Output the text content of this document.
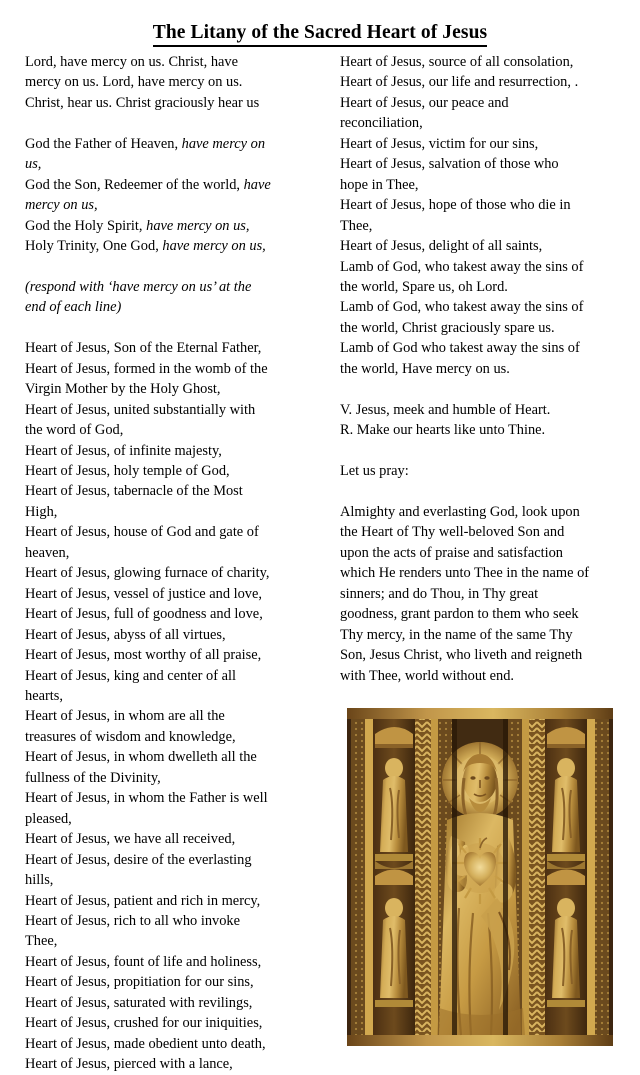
The Litany of the Sacred Heart of Jesus

Lord, have mercy on us. Christ, have

mercy on us. Lord, have mercy on us.

Christ, hear us. Christ graciously hear us

God the Father of Heaven, have mercy on

us,

God the Son, Redeemer of the world, have

mercy on us,

God the Holy Spirit, have mercy on us,

Holy Trinity, One God, have mercy on us,

(respond with ‘have mercy on us’ at the

end of each line)

Heart of Jesus, Son of the Eternal Father,

Heart of Jesus, formed in the womb of the

Virgin Mother by the Holy Ghost,

Heart of Jesus, united substantially with

the word of God,

Heart of Jesus, of infinite majesty,

Heart of Jesus, holy temple of God,

Heart of Jesus, tabernacle of the Most

High,

Heart of Jesus, house of God and gate of

heaven,

Heart of Jesus, glowing furnace of charity,

Heart of Jesus, vessel of justice and love,

Heart of Jesus, full of goodness and love,

Heart of Jesus, abyss of all virtues,

Heart of Jesus, most worthy of all praise,

Heart of Jesus, king and center of all

hearts,

Heart of Jesus, in whom are all the

treasures of wisdom and knowledge,

Heart of Jesus, in whom dwelleth all the

fullness of the Divinity,

Heart of Jesus, in whom the Father is well

pleased,

Heart of Jesus, we have all received,

Heart of Jesus, desire of the everlasting

hills,

Heart of Jesus, patient and rich in mercy,

Heart of Jesus, rich to all who invoke

Thee,

Heart of Jesus, fount of life and holiness,

Heart of Jesus, propitiation for our sins,

Heart of Jesus, saturated with revilings,

Heart of Jesus, crushed for our iniquities,

Heart of Jesus, made obedient unto death,

Heart of Jesus, pierced with a lance,

Heart of Jesus, source of all consolation,

Heart of Jesus, our life and resurrection, .

Heart of Jesus, our peace and

reconciliation,

Heart of Jesus, victim for our sins,

Heart of Jesus, salvation of those who

hope in Thee,

Heart of Jesus, hope of those who die in

Thee,

Heart of Jesus, delight of all saints,

Lamb of God, who takest away the sins of

the world, Spare us, oh Lord.

Lamb of God, who takest away the sins of

the world, Christ graciously spare us.

Lamb of God who takest away the sins of

the world, Have mercy on us.

V. Jesus, meek and humble of Heart.

R. Make our hearts like unto Thine.

Let us pray:

Almighty and everlasting God, look upon

the Heart of Thy well-beloved Son and

upon the acts of praise and satisfaction

which He renders unto Thee in the name of

sinners; and do Thou, in Thy great

goodness, grant pardon to them who seek

Thy mercy, in the name of the same Thy

Son, Jesus Christ, who liveth and reigneth

with Thee, world without end.
